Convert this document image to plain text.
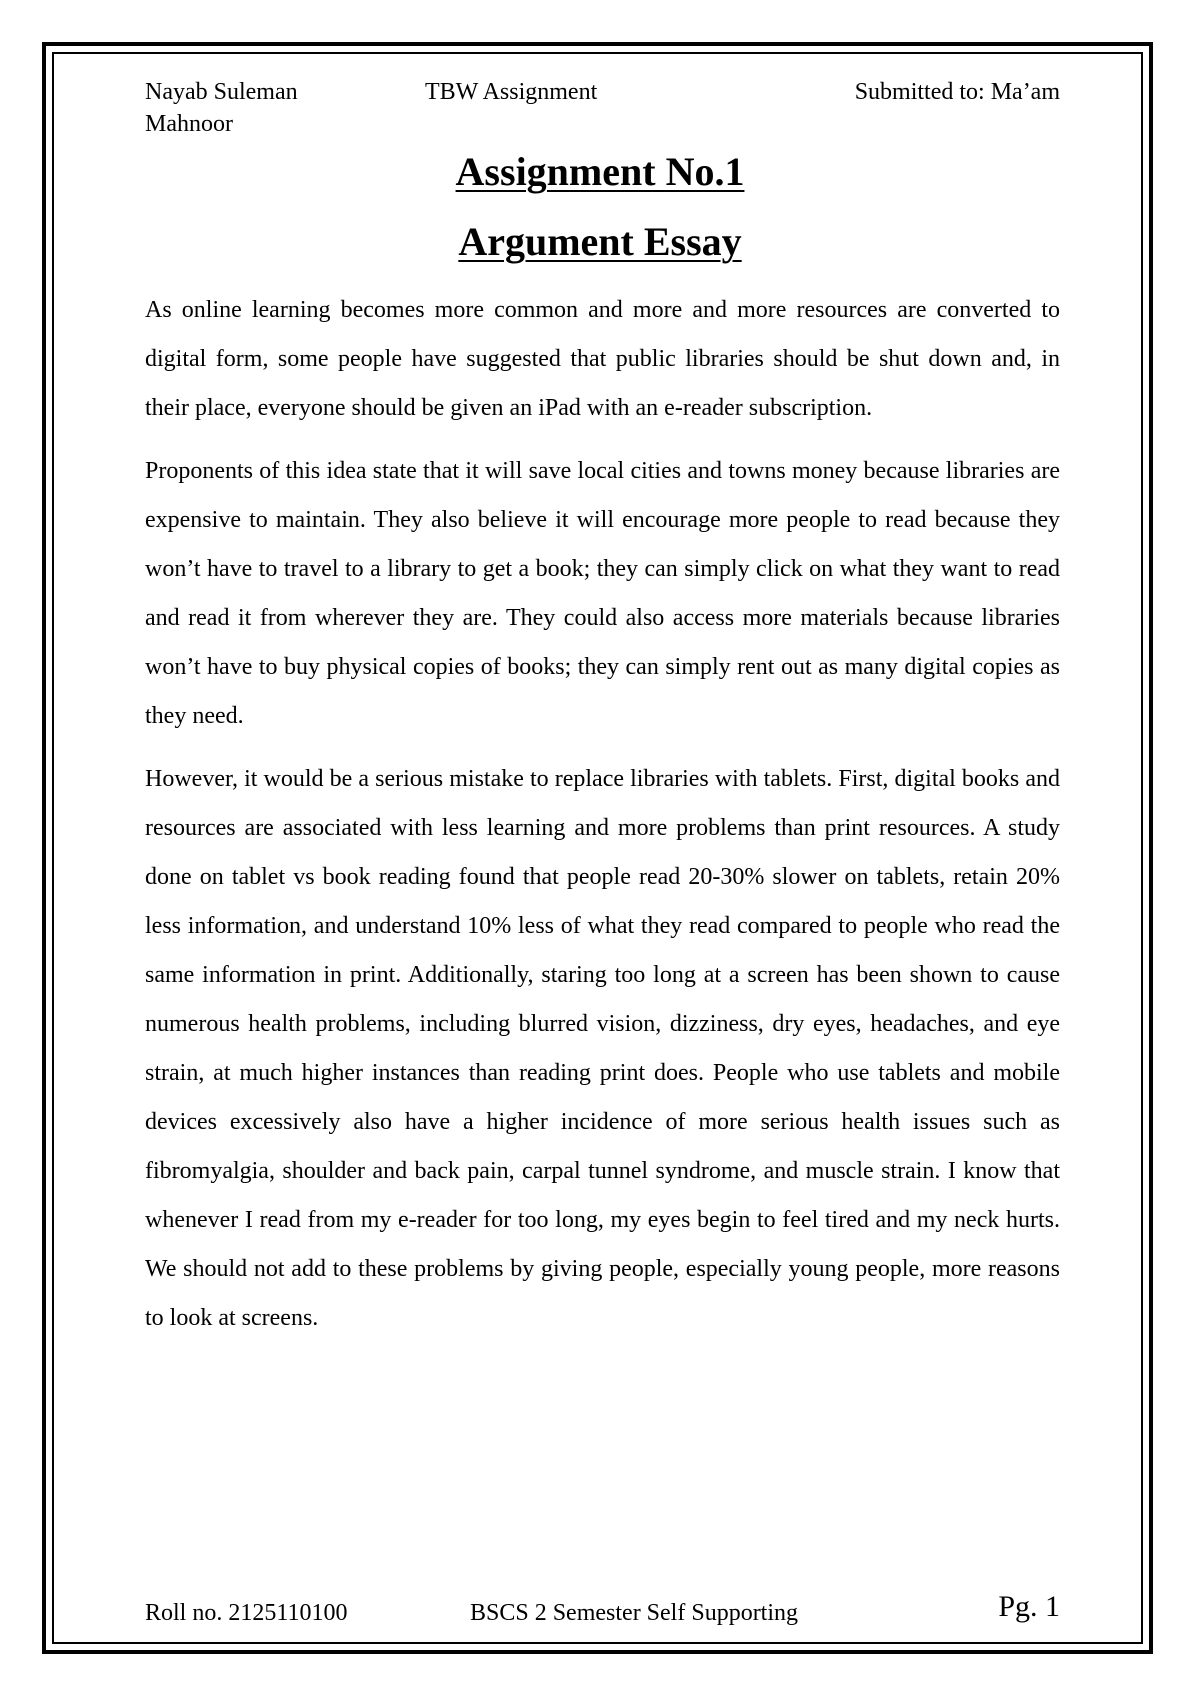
Nayab Suleman
Mahnoor
TBW Assignment	Submitted to: Ma’am
Assignment No.1
Argument Essay

As online learning becomes more common and more and more resources are converted to digital form, some people have suggested that public libraries should be shut down and, in their place, everyone should be given an iPad with an e-reader subscription.

Proponents of this idea state that it will save local cities and towns money because libraries are expensive to maintain. They also believe it will encourage more people to read because they won’t have to travel to a library to get a book; they can simply click on what they want to read and read it from wherever they are. They could also access more materials because libraries won’t have to buy physical copies of books; they can simply rent out as many digital copies as they need.

However, it would be a serious mistake to replace libraries with tablets. First, digital books and resources are associated with less learning and more problems than print resources. A study done on tablet vs book reading found that people read 20-30% slower on tablets, retain 20% less information, and understand 10% less of what they read compared to people who read the same information in print. Additionally, staring too long at a screen has been shown to cause numerous health problems, including blurred vision, dizziness, dry eyes, headaches, and eye strain, at much higher instances than reading print does. People who use tablets and mobile devices excessively also have a higher incidence of more serious health issues such as fibromyalgia, shoulder and back pain, carpal tunnel syndrome, and muscle strain. I know that whenever I read from my e-reader for too long, my eyes begin to feel tired and my neck hurts. We should not add to these problems by giving people, especially young people, more reasons to look at screens.

Roll no. 2125110100	BSCS 2 Semester Self Supporting	Pg. 1
